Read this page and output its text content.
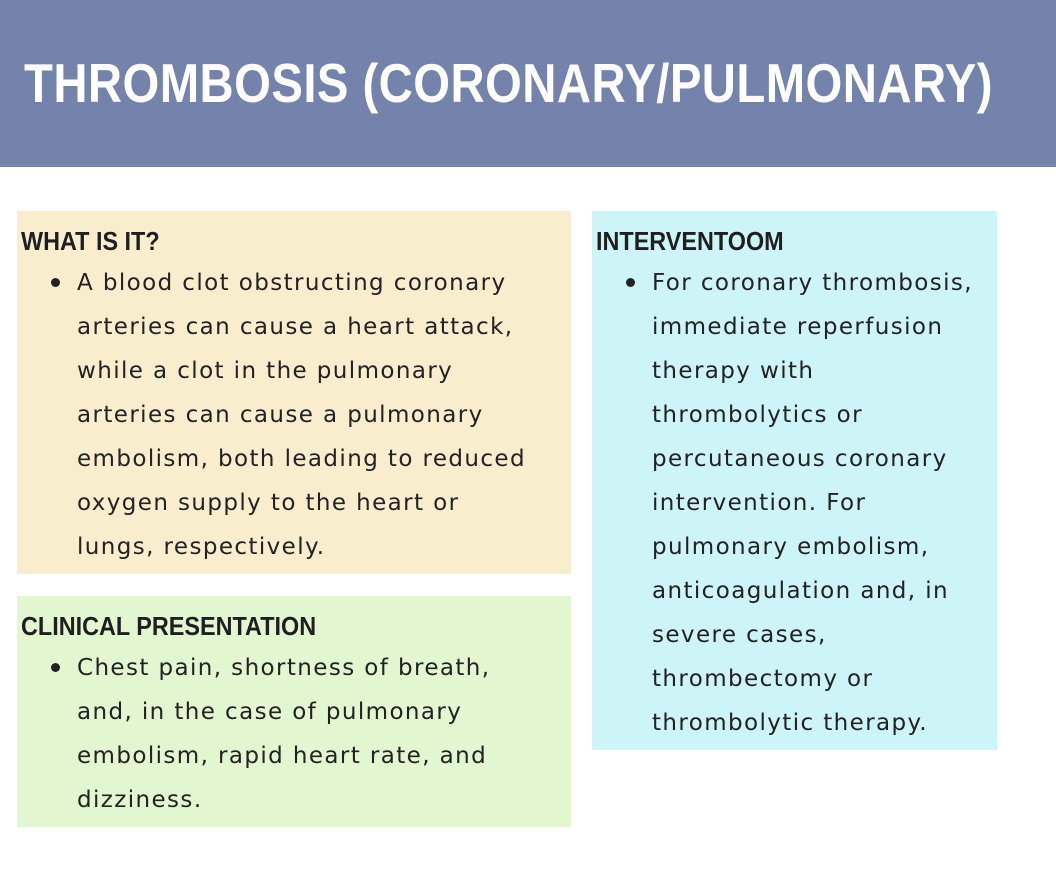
THROMBOSIS (CORONARY/PULMONARY)
WHAT IS IT?
A blood clot obstructing coronary
arteries can cause a heart attack,
while a clot in the pulmonary
arteries can cause a pulmonary
embolism, both leading to reduced
oxygen supply to the heart or
lungs, respectively.
CLINICAL PRESENTATION
Chest pain, shortness of breath,
and, in the case of pulmonary
embolism, rapid heart rate, and
dizziness.
INTERVENTOOM
For coronary thrombosis,
immediate reperfusion
therapy with
thrombolytics or
percutaneous coronary
intervention. For
pulmonary embolism,
anticoagulation and, in
severe cases,
thrombectomy or
thrombolytic therapy.
